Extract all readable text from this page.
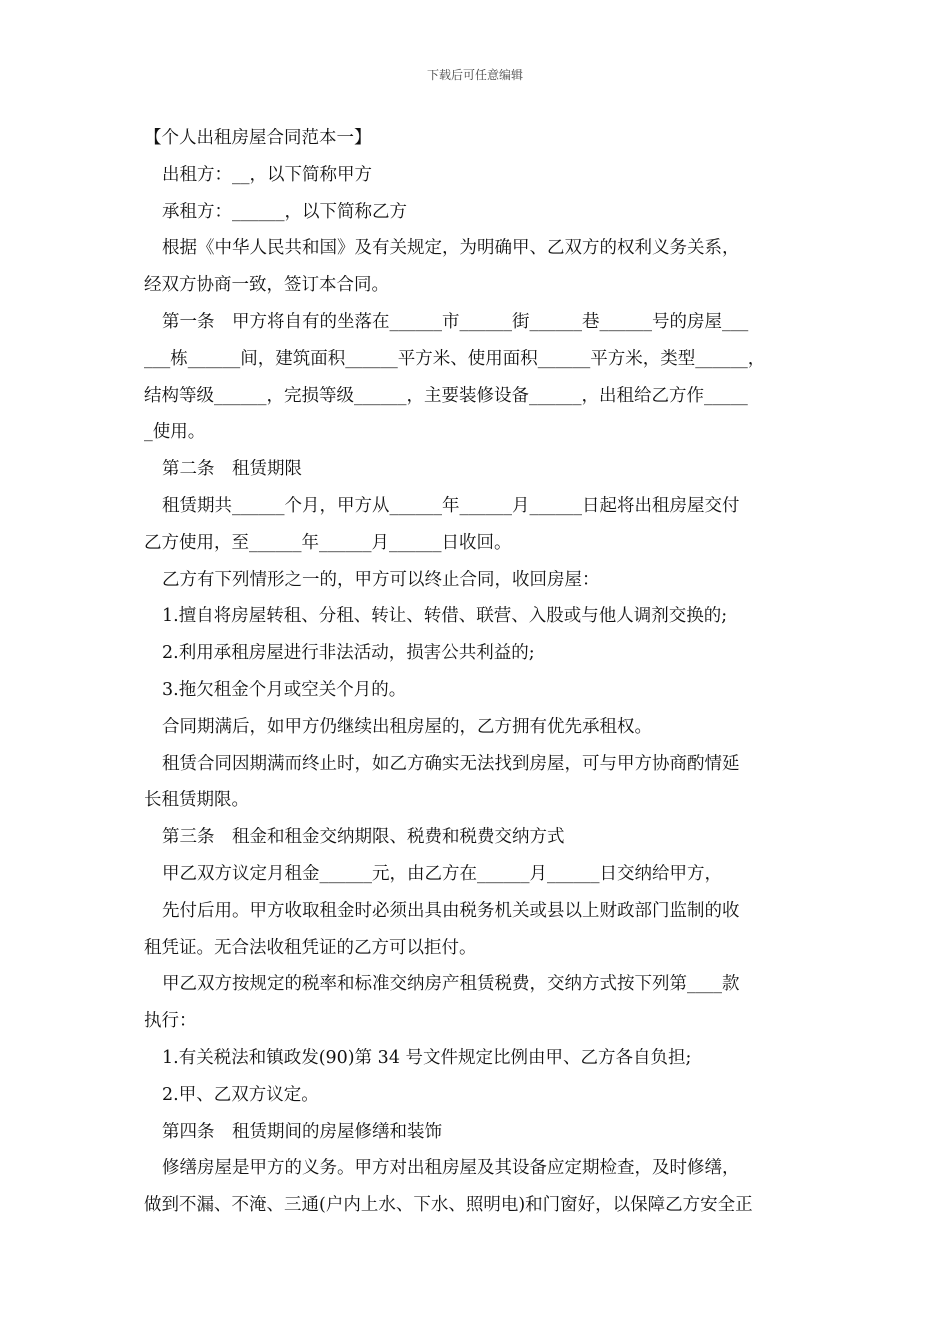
下载后可任意编辑
【个人出租房屋合同范本一】
出租方：__，以下简称甲方
承租方：______，以下简称乙方
根据《中华人民共和国》及有关规定，为明确甲、乙双方的权利义务关系，
经双方协商一致，签订本合同。
第一条　甲方将自有的坐落在______市______街______巷______号的房屋___
___栋______间，建筑面积______平方米、使用面积______平方米，类型______，
结构等级______，完损等级______，主要装修设备______，出租给乙方作_____
_使用。
第二条　租赁期限
租赁期共______个月，甲方从______年______月______日起将出租房屋交付
乙方使用，至______年______月______日收回。
乙方有下列情形之一的，甲方可以终止合同，收回房屋：
1.擅自将房屋转租、分租、转让、转借、联营、入股或与他人调剂交换的;
2.利用承租房屋进行非法活动，损害公共利益的;
3.拖欠租金个月或空关个月的。
合同期满后，如甲方仍继续出租房屋的，乙方拥有优先承租权。
租赁合同因期满而终止时，如乙方确实无法找到房屋，可与甲方协商酌情延
长租赁期限。
第三条　租金和租金交纳期限、税费和税费交纳方式
甲乙双方议定月租金______元，由乙方在______月______日交纳给甲方，
先付后用。甲方收取租金时必须出具由税务机关或县以上财政部门监制的收
租凭证。无合法收租凭证的乙方可以拒付。
甲乙双方按规定的税率和标准交纳房产租赁税费，交纳方式按下列第____款
执行：
1.有关税法和镇政发(90)第 34 号文件规定比例由甲、乙方各自负担;
2.甲、乙双方议定。
第四条　租赁期间的房屋修缮和装饰
修缮房屋是甲方的义务。甲方对出租房屋及其设备应定期检查，及时修缮，
做到不漏、不淹、三通(户内上水、下水、照明电)和门窗好，以保障乙方安全正
